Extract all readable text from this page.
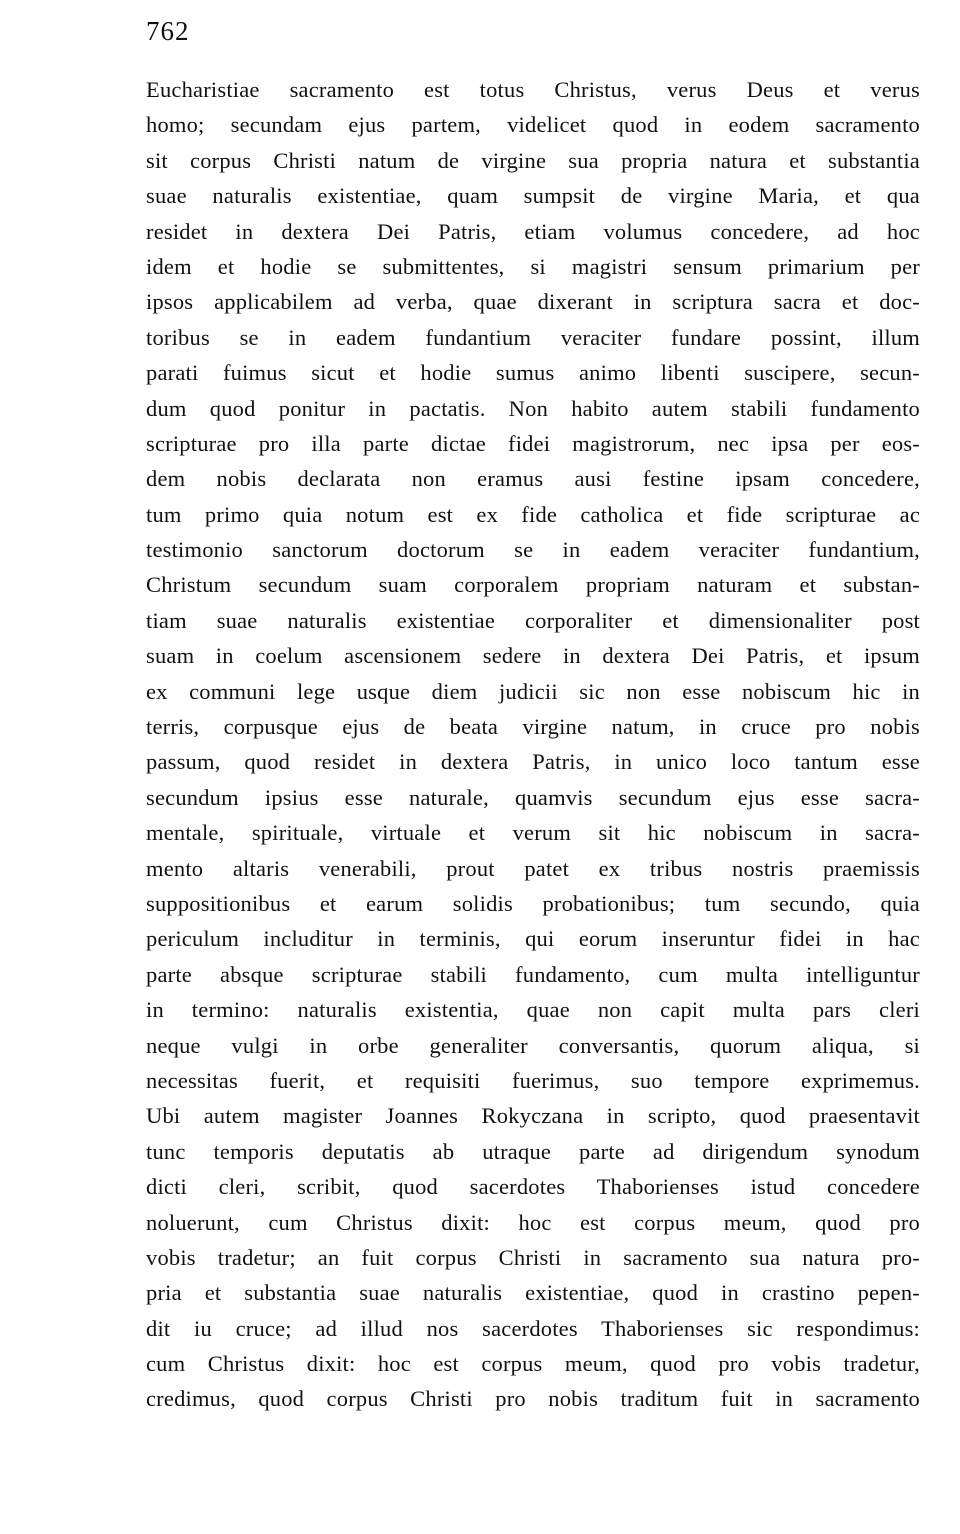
762
Eucharistiae sacramento est totus Christus, verus Deus et verus
homo; secundam ejus partem, videlicet quod in eodem sacramento
sit corpus Christi natum de virgine sua propria natura et substantia
suae naturalis existentiae, quam sumpsit de virgine Maria, et qua
residet in dextera Dei Patris, etiam volumus concedere, ad hoc
idem et hodie se submittentes, si magistri sensum primarium per
ipsos applicabilem ad verba, quae dixerant in scriptura sacra et doc-
toribus se in eadem fundantium veraciter fundare possint, illum
parati fuimus sicut et hodie sumus animo libenti suscipere, secun-
dum quod ponitur in pactatis. Non habito autem stabili fundamento
scripturae pro illa parte dictae fidei magistrorum, nec ipsa per eos-
dem nobis declarata non eramus ausi festine ipsam concedere,
tum primo quia notum est ex fide catholica et fide scripturae ac
testimonio sanctorum doctorum se in eadem veraciter fundantium,
Christum secundum suam corporalem propriam naturam et substan-
tiam suae naturalis existentiae corporaliter et dimensionaliter post
suam in coelum ascensionem sedere in dextera Dei Patris, et ipsum
ex communi lege usque diem judicii sic non esse nobiscum hic in
terris, corpusque ejus de beata virgine natum, in cruce pro nobis
passum, quod residet in dextera Patris, in unico loco tantum esse
secundum ipsius esse naturale, quamvis secundum ejus esse sacra-
mentale, spirituale, virtuale et verum sit hic nobiscum in sacra-
mento altaris venerabili, prout patet ex tribus nostris praemissis
suppositionibus et earum solidis probationibus; tum secundo, quia
periculum includitur in terminis, qui eorum inseruntur fidei in hac
parte absque scripturae stabili fundamento, cum multa intelliguntur
in termino: naturalis existentia, quae non capit multa pars cleri
neque vulgi in orbe generaliter conversantis, quorum aliqua, si
necessitas fuerit, et requisiti fuerimus, suo tempore exprimemus.
Ubi autem magister Joannes Rokyczana in scripto, quod praesentavit
tunc temporis deputatis ab utraque parte ad dirigendum synodum
dicti cleri, scribit, quod sacerdotes Thaborienses istud concedere
noluerunt, cum Christus dixit: hoc est corpus meum, quod pro
vobis tradetur; an fuit corpus Christi in sacramento sua natura pro-
pria et substantia suae naturalis existentiae, quod in crastino pepen-
dit iu cruce; ad illud nos sacerdotes Thaborienses sic respondimus:
cum Christus dixit: hoc est corpus meum, quod pro vobis tradetur,
credimus, quod corpus Christi pro nobis traditum fuit in sacramento
